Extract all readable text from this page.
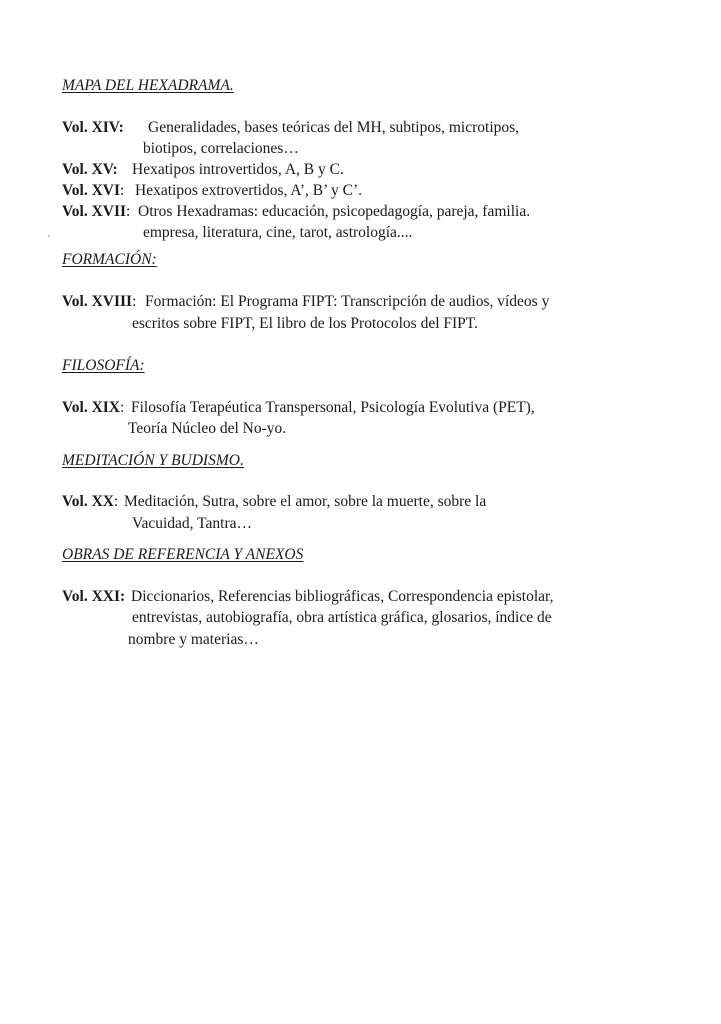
MAPA DEL HEXADRAMA.
Vol. XIV: Generalidades, bases teóricas del MH, subtipos, microtipos,
biotipos, correlaciones…
Vol. XV: Hexatipos introvertidos, A, B y C.
Vol. XVI: Hexatipos extrovertidos, A’, B’ y C’.
Vol. XVII: Otros Hexadramas: educación, psicopedagogía, pareja, familia.
empresa, literatura, cine, tarot, astrología....
`
FORMACIÓN:
Vol. XVIII: Formación: El Programa FIPT: Transcripción de audios, vídeos y
escritos sobre FIPT, El libro de los Protocolos del FIPT.
FILOSOFÍA:
Vol. XIX: Filosofía Terapéutica Transpersonal, Psicología Evolutiva (PET),
Teoría Núcleo del No-yo.
MEDITACIÓN Y BUDISMO.
Vol. XX: Meditación, Sutra, sobre el amor, sobre la muerte, sobre la
Vacuidad, Tantra…
OBRAS DE REFERENCIA Y ANEXOS
Vol. XXI: Diccionarios, Referencias bibliográficas, Correspondencia epistolar,
entrevistas, autobiografía, obra artística gráfica, glosarios, índice de
nombre y materias…
